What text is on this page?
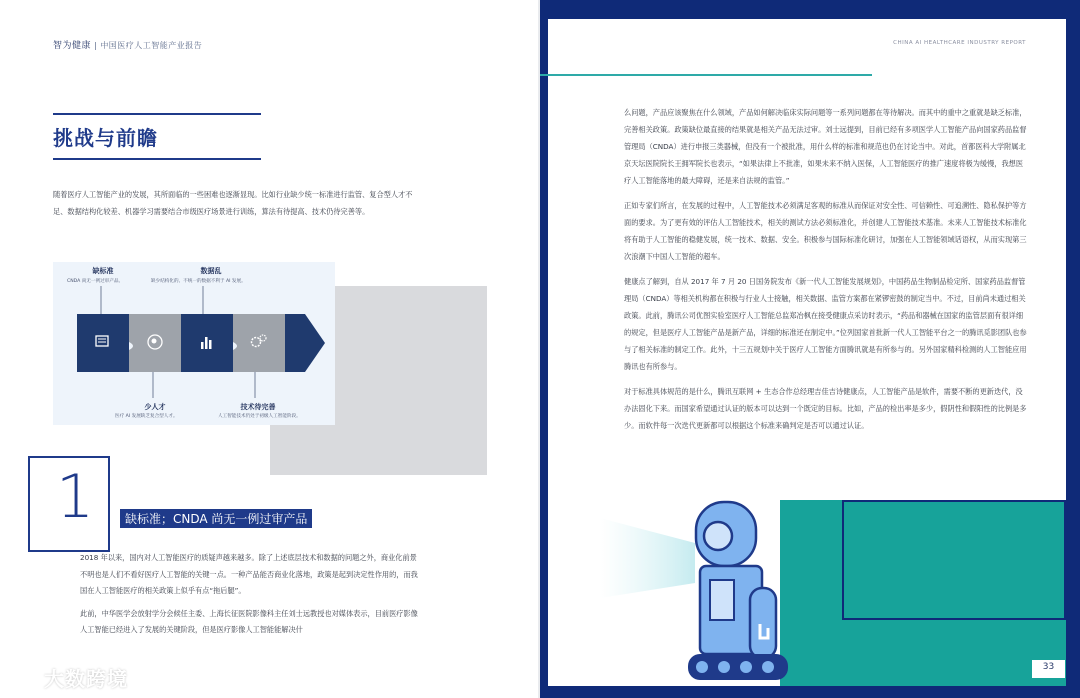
智为健康 | 中国医疗人工智能产业报告
挑战与前瞻

随着医疗人工智能产业的发展，其所面临的一些困难也逐渐显现。比如行业缺少统一标准进行监管、复合型人才不足、数据结构化较差、机器学习需要结合市级医疗场景进行训练，算法有待提高、技术仍待完善等。

缺标准
CNDA 尚无一例过审产品。
数据乱
缺少结构化的、不统一的数据不利于 AI 发展。
少人才
医疗 AI 发展缺乏复合型人才。
技术待完善
人工智能技术仍处于初级人工智能阶段。
1	缺标准；CNDA 尚无一例过审产品

2018 年以来，国内对人工智能医疗的质疑声越来越多。除了上述底层技术和数据的问题之外，商业化前景不明也是人们不看好医疗人工智能的关键一点。一种产品能否商业化落地，政策是起到决定性作用的，而我国在人工智能医疗的相关政策上似乎有点“拖后腿”。

此前，中华医学会放射学分会候任主委、上海长征医院影像科主任刘士远教授也对媒体表示，目前医疗影像人工智能已经进入了发展的关键阶段，但是医疗影像人工智能能解决什

大数跨境
CHINA AI HEALTHCARE INDUSTRY REPORT

么问题，产品应该聚焦在什么领域，产品如何解决临床实际问题等一系列问题都在等待解决。而其中的重中之重就是缺乏标准，完善相关政策。政策缺位最直接的结果就是相关产品无法过审。刘士远提到，目前已经有多项医学人工智能产品向国家药品监督管理局（CNDA）进行申报三类器械，但没有一个被批准，用什么样的标准和规范也仍在讨论当中。对此，首都医科大学附属北京天坛医院院长王拥军院长也表示，“如果法律上不批准，如果未来不纳入医保，人工智能医疗的推广速度将极为缓慢，我想医疗人工智能落地的最大障碍，还是来自法规的监管。”

正如专家们所言，在发展的过程中，人工智能技术必须满足客观的标准从而保证对安全性、可信赖性、可追溯性、隐私保护等方面的要求。为了更有效的评估人工智能技术，相关的测试方法必须标准化，并创建人工智能技术基准。未来人工智能技术标准化将有助于人工智能的稳健发展，统一技术、数据、安全。积极参与国际标准化研讨，加强在人工智能领域话语权，从而实现第三次浪潮下中国人工智能的超车。

健康点了解到，自从 2017 年 7 月 20 日国务院发布《新一代人工智能发展规划》，中国药品生物制品检定所、国家药品监督管理局（CNDA）等相关机构都在积极与行业人士接触，相关数据、监管方案都在紧锣密鼓的制定当中。不过，目前尚未通过相关政策。此前，腾讯公司优图实验室医疗人工智能总监郑冶枫在接受健康点采访时表示，“药品和器械在国家的监管层面有很详细的规定，但是医疗人工智能产品是新产品，详细的标准还在制定中。”位列国家首批新一代人工智能平台之一的腾讯觅影团队也参与了相关标准的制定工作。此外，十三五规划中关于医疗人工智能方面腾讯就是有所参与的。另外国家精科检测的人工智能应用腾讯也有所参与。

对于标准具体规范的是什么，腾讯互联网 + 生态合作总经理吉佳吉诗健康点，人工智能产品是软件，需要不断的更新迭代，没办法固化下来。而国家希望通过认证的版本可以达到一个既定的目标。比如，产品的检出率是多少，假阴性和假阳性的比例是多少。而软件每一次迭代更新都可以根据这个标准来确判定是否可以通过认证。

33
